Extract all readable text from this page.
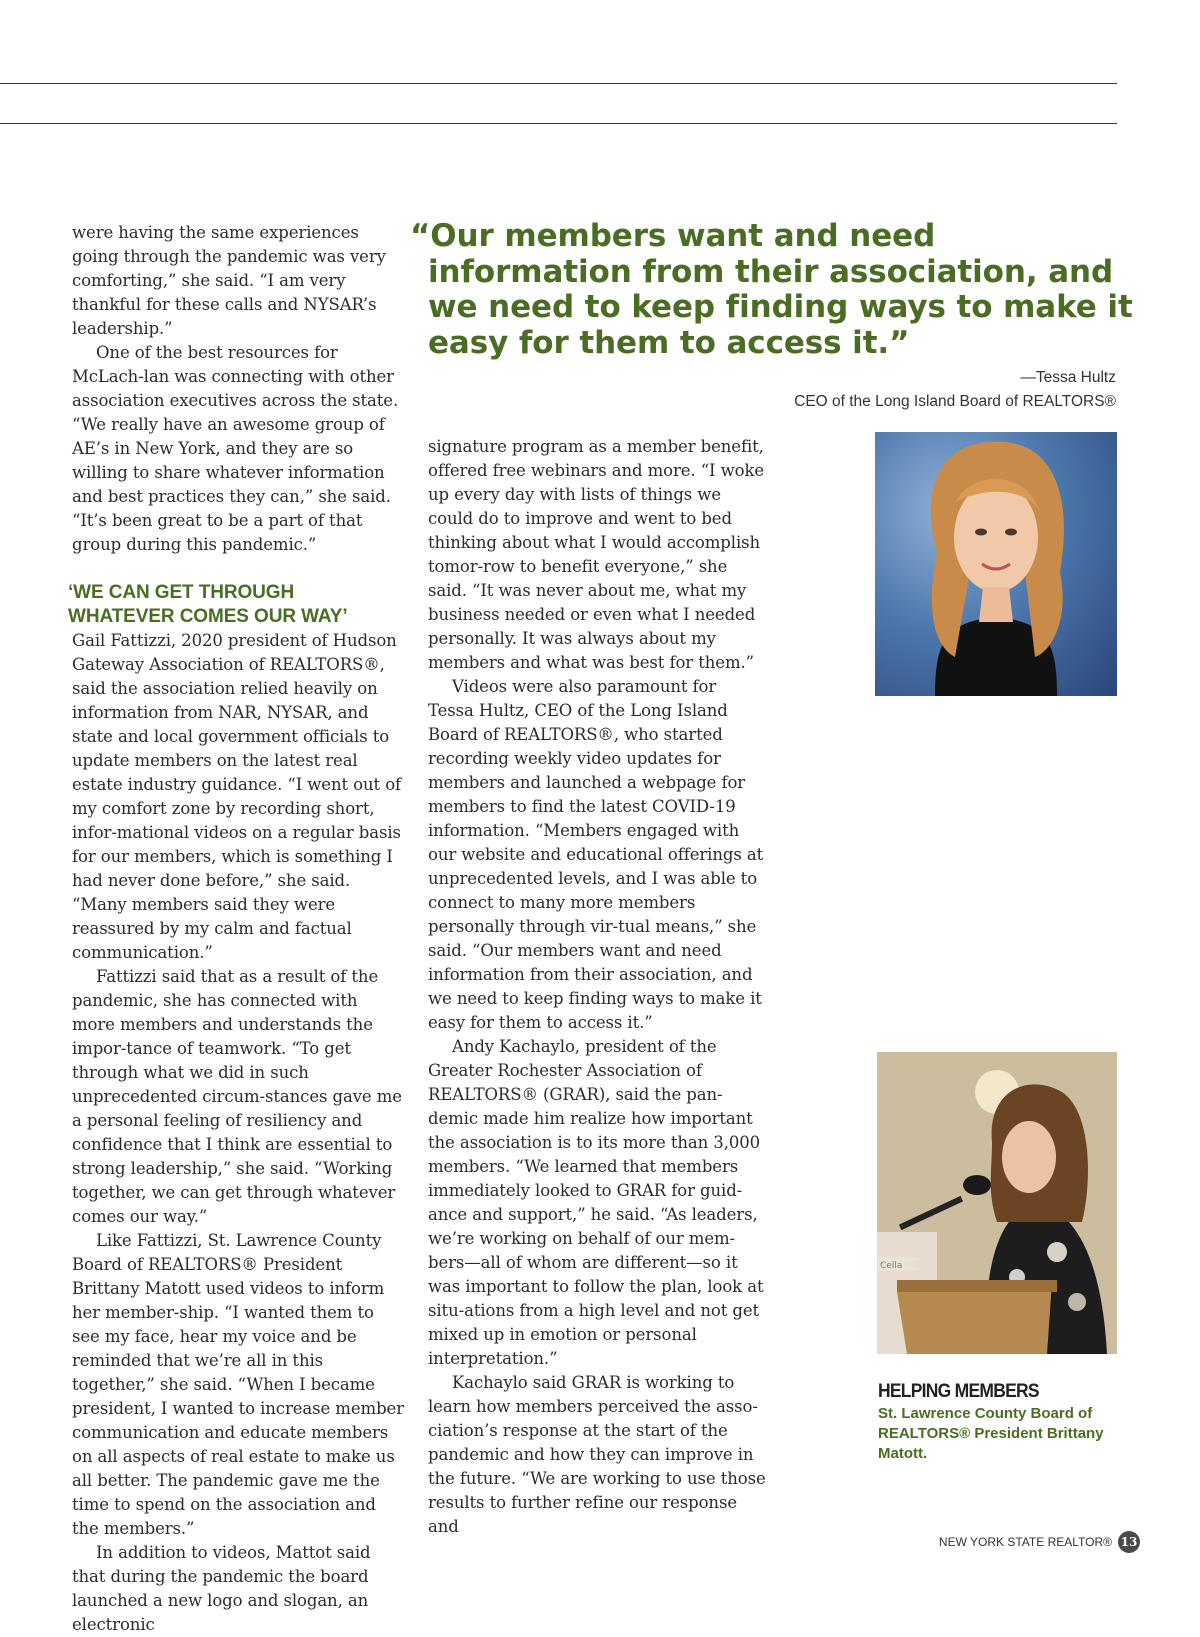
were having the same experiences going through the pandemic was very comforting,” she said. “I am very thankful for these calls and NYSAR’s leadership.”

One of the best resources for McLach-lan was connecting with other association executives across the state. “We really have an awesome group of AE’s in New York, and they are so willing to share whatever information and best practices they can,” she said. “It’s been great to be a part of that group during this pandemic.”

‘WE CAN GET THROUGH WHATEVER COMES OUR WAY’

Gail Fattizzi, 2020 president of Hudson Gateway Association of REALTORS®, said the association relied heavily on information from NAR, NYSAR, and state and local government officials to update members on the latest real estate industry guidance. “I went out of my comfort zone by recording short, infor-mational videos on a regular basis for our members, which is something I had never done before,” she said. “Many members said they were reassured by my calm and factual communication.”

Fattizzi said that as a result of the pandemic, she has connected with more members and understands the impor-tance of teamwork. “To get through what we did in such unprecedented circum-stances gave me a personal feeling of resiliency and confidence that I think are essential to strong leadership,” she said. “Working together, we can get through whatever comes our way.”

Like Fattizzi, St. Lawrence County Board of REALTORS® President Brittany Matott used videos to inform her member-ship. “I wanted them to see my face, hear my voice and be reminded that we’re all in this together,” she said. “When I became president, I wanted to increase member communication and educate members on all aspects of real estate to make us all better. The pandemic gave me the time to spend on the association and the members.”

In addition to videos, Mattot said that during the pandemic the board launched a new logo and slogan, an electronic

“Our members want and need information from their association, and we need to keep finding ways to make it easy for them to access it.”
—Tessa Hultz
CEO of the Long Island Board of REALTORS®

signature program as a member benefit, offered free webinars and more. “I woke up every day with lists of things we could do to improve and went to bed thinking about what I would accomplish tomor-row to benefit everyone,” she said. “It was never about me, what my business needed or even what I needed personally. It was always about my members and what was best for them.”

Videos were also paramount for Tessa Hultz, CEO of the Long Island Board of REALTORS®, who started recording weekly video updates for members and launched a webpage for members to find the latest COVID-19 information. “Members engaged with our website and educational offerings at unprecedented levels, and I was able to connect to many more members personally through vir-tual means,” she said. “Our members want and need information from their association, and we need to keep finding ways to make it easy for them to access it.”

Andy Kachaylo, president of the Greater Rochester Association of REALTORS® (GRAR), said the pan-demic made him realize how important the association is to its more than 3,000 members. “We learned that members immediately looked to GRAR for guid-ance and support,” he said. “As leaders, we’re working on behalf of our mem-bers—all of whom are different—so it was important to follow the plan, look at situ-ations from a high level and not get mixed up in emotion or personal interpretation.”

Kachaylo said GRAR is working to learn how members perceived the asso-ciation’s response at the start of the pandemic and how they can improve in the future. “We are working to use those results to further refine our response and

Cella
HELPING MEMBERS
St. Lawrence County Board of REALTORS® President Brittany Matott.
NEW YORK STATE REALTOR® 13
